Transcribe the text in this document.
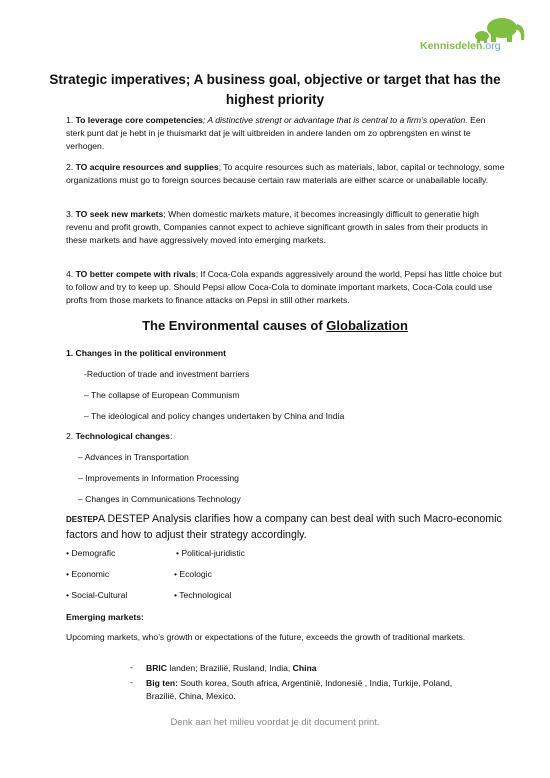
Kennisdelen.org
Strategic imperatives; A business goal, objective or target that has the highest priority
1. To leverage core competencies; A distinctive strengt or advantage that is central to a firm’s operation. Een sterk punt dat je hebt in je thuismarkt dat je wilt uitbreiden in andere landen om zo opbrengsten en winst te verhogen.
2. TO acquire resources and supplies; To acquire resources such as materials, labor, capital or technology, some organizations must go to foreign sources because certain raw materials are either scarce or unabailable locally.
3. TO seek new markets; When domestic markets mature, it becomes increasingly difficult to generatie high revenu and profit growth, Companies cannot expect to achieve significant growth in sales from their products in these markets and have aggressively moved into emerging markets.
4. TO better compete with rivals; If Coca-Cola expands aggressively around the world, Pepsi has little choice but to follow and try to keep up. Should Pepsi allow Coca-Cola to dominate important markets, Coca-Cola could use profts from those markets to finance attacks on Pepsi in still other markets.
The Environmental causes of Globalization
1. Changes in the political environment
-Reduction of trade and investment barriers
– The collapse of European Communism
– The ideological and policy changes undertaken by China and India
2. Technological changes:
– Advances in Transportation
– Improvements in Information Processing
– Changes in Communications Technology
DESTEPA DESTEP Analysis clarifies how a company can best deal with such Macro-economic factors and how to adjust their strategy accordingly.
• Demografic	• Political-juridistic
• Economic	• Ecologic
• Social-Cultural	• Technological
Emerging markets:
Upcoming markets, who’s growth or expectations of the future, exceeds the growth of traditional markets.
- BRIC landen; Brazilië, Rusland, India, China
- Big ten: South korea, South africa, Argentinië, Indonesië , India, Turkije, Poland,
Brazilië, China, Mexico.
Denk aan het milieu voordat je dit document print.
